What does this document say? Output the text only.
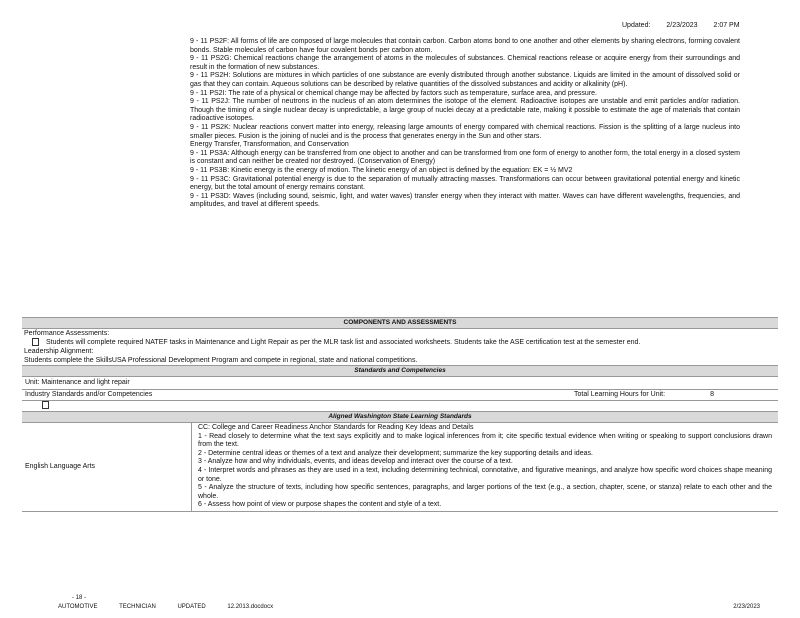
Updated: 2/23/2023 2:07 PM

9 - 11 PS2F: All forms of life are composed of large molecules that contain carbon. Carbon atoms bond to one another and other elements by sharing electrons, forming covalent bonds. Stable molecules of carbon have four covalent bonds per carbon atom.

9 - 11 PS2G: Chemical reactions change the arrangement of atoms in the molecules of substances. Chemical reactions release or acquire energy from their surroundings and result in the formation of new substances.

9 - 11 PS2H: Solutions are mixtures in which particles of one substance are evenly distributed through another substance. Liquids are limited in the amount of dissolved solid or gas that they can contain. Aqueous solutions can be described by relative quantities of the dissolved substances and acidity or alkalinity (pH).

9 - 11 PS2I: The rate of a physical or chemical change may be affected by factors such as temperature, surface area, and pressure.

9 - 11 PS2J: The number of neutrons in the nucleus of an atom determines the isotope of the element. Radioactive isotopes are unstable and emit particles and/or radiation. Though the timing of a single nuclear decay is unpredictable, a large group of nuclei decay at a predictable rate, making it possible to estimate the age of materials that contain radioactive isotopes.

9 - 11 PS2K: Nuclear reactions convert matter into energy, releasing large amounts of energy compared with chemical reactions. Fission is the splitting of a large nucleus into smaller pieces. Fusion is the joining of nuclei and is the process that generates energy in the Sun and other stars.

Energy Transfer, Transformation, and Conservation

9 - 11 PS3A: Although energy can be transferred from one object to another and can be transformed from one form of energy to another form, the total energy in a closed system is constant and can neither be created nor destroyed. (Conservation of Energy)

9 - 11 PS3B: Kinetic energy is the energy of motion. The kinetic energy of an object is defined by the equation: EK = ½ MV2

9 - 11 PS3C: Gravitational potential energy is due to the separation of mutually attracting masses. Transformations can occur between gravitational potential energy and kinetic energy, but the total amount of energy remains constant.

9 - 11 PS3D: Waves (including sound, seismic, light, and water waves) transfer energy when they interact with matter. Waves can have different wavelengths, frequencies, and amplitudes, and travel at different speeds.

COMPONENTS AND ASSESSMENTS
Performance Assessments:
Students will complete required NATEF tasks in Maintenance and Light Repair as per the MLR task list and associated worksheets. Students take the ASE certification test at the semester end.
Leadership Alignment:
Students complete the SkillsUSA Professional Development Program and compete in regional, state and national competitions.
Standards and Competencies
Unit: Maintenance and light repair
Industry Standards and/or Competencies	Total Learning Hours for Unit:	8
Aligned Washington State Learning Standards
English Language Arts

CC: College and Career Readiness Anchor Standards for Reading Key Ideas and Details

1 - Read closely to determine what the text says explicitly and to make logical inferences from it; cite specific textual evidence when writing or speaking to support conclusions drawn from the text.

2 - Determine central ideas or themes of a text and analyze their development; summarize the key supporting details and ideas.

3 - Analyze how and why individuals, events, and ideas develop and interact over the course of a text.

4 - Interpret words and phrases as they are used in a text, including determining technical, connotative, and figurative meanings, and analyze how specific word choices shape meaning or tone.

5 - Analyze the structure of texts, including how specific sentences, paragraphs, and larger portions of the text (e.g., a section, chapter, scene, or stanza) relate to each other and the whole.

6 - Assess how point of view or purpose shapes the content and style of a text.

- 18 -
AUTOMOTIVE	TECHNICIAN	UPDATED	12.2013.docdocx	2/23/2023
